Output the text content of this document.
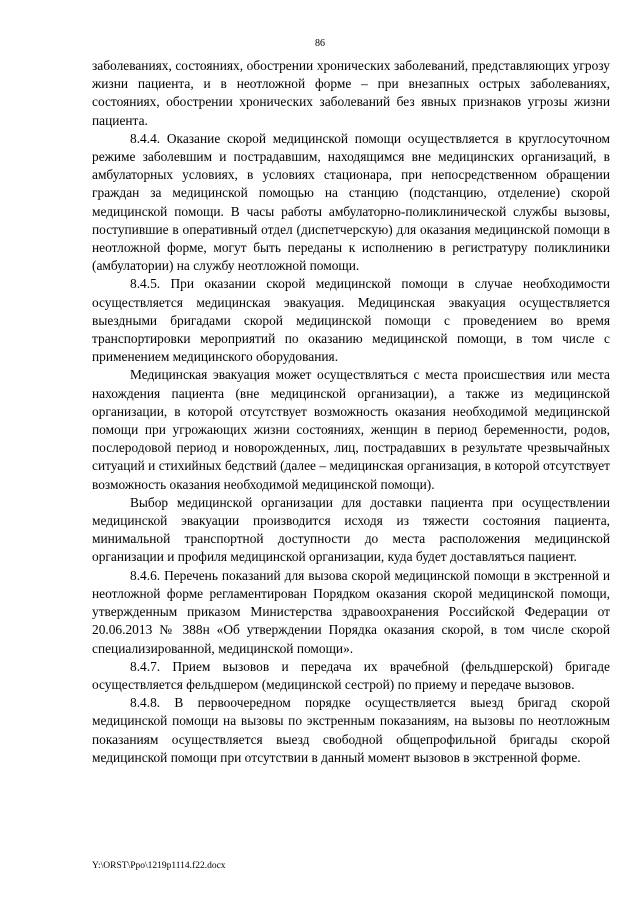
86

заболеваниях, состояниях, обострении хронических заболеваний, представляющих угрозу жизни пациента, и в неотложной форме – при внезапных острых заболеваниях, состояниях, обострении хронических заболеваний без явных признаков угрозы жизни пациента.

8.4.4. Оказание скорой медицинской помощи осуществляется в круглосуточном режиме заболевшим и пострадавшим, находящимся вне медицинских организаций, в амбулаторных условиях, в условиях стационара, при непосредственном обращении граждан за медицинской помощью на станцию (подстанцию, отделение) скорой медицинской помощи. В часы работы амбулаторно-поликлинической службы вызовы, поступившие в оперативный отдел (диспетчерскую) для оказания медицинской помощи в неотложной форме, могут быть переданы к исполнению в регистратуру поликлиники (амбулатории) на службу неотложной помощи.

8.4.5. При оказании скорой медицинской помощи в случае необходимости осуществляется медицинская эвакуация. Медицинская эвакуация осуществляется выездными бригадами скорой медицинской помощи с проведением во время транспортировки мероприятий по оказанию медицинской помощи, в том числе с применением медицинского оборудования.

Медицинская эвакуация может осуществляться с места происшествия или места нахождения пациента (вне медицинской организации), а также из медицинской организации, в которой отсутствует возможность оказания необходимой медицинской помощи при угрожающих жизни состояниях, женщин в период беременности, родов, послеродовой период и новорожденных, лиц, пострадавших в результате чрезвычайных ситуаций и стихийных бедствий (далее – медицинская организация, в которой отсутствует возможность оказания необходимой медицинской помощи).

Выбор медицинской организации для доставки пациента при осуществлении медицинской эвакуации производится исходя из тяжести состояния пациента, минимальной транспортной доступности до места расположения медицинской организации и профиля медицинской организации, куда будет доставляться пациент.

8.4.6. Перечень показаний для вызова скорой медицинской помощи в экстренной и неотложной форме регламентирован Порядком оказания скорой медицинской помощи, утвержденным приказом Министерства здравоохранения Российской Федерации от 20.06.2013 № 388н «Об утверждении Порядка оказания скорой, в том числе скорой специализированной, медицинской помощи».

8.4.7. Прием вызовов и передача их врачебной (фельдшерской) бригаде осуществляется фельдшером (медицинской сестрой) по приему и передаче вызовов.

8.4.8. В первоочередном порядке осуществляется выезд бригад скорой медицинской помощи на вызовы по экстренным показаниям, на вызовы по неотложным показаниям осуществляется выезд свободной общепрофильной бригады скорой медицинской помощи при отсутствии в данный момент вызовов в экстренной форме.

Y:\ORST\Ppo\1219p1114.f22.docx
